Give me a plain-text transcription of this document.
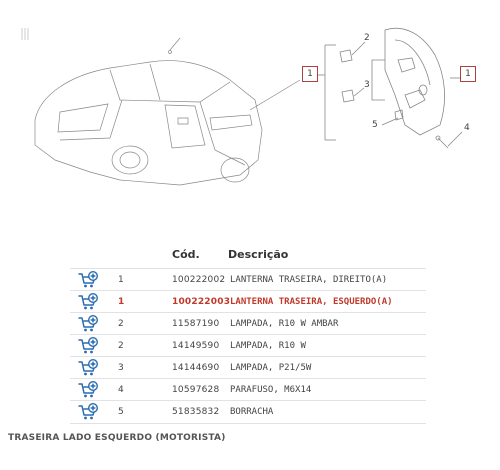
1	1
2
3
5	4
Cód.	Descrição
1	100222002 LANTERNA TRASEIRA, DIREITO(A)
1	100222003 LANTERNA TRASEIRA, ESQUERDO(A)
2	11587190	LAMPADA, R10 W AMBAR
2	14149590	LAMPADA, R10 W
3	14144690	LAMPADA, P21/5W
4	10597628	PARAFUSO, M6X14
5	51835832	BORRACHA
TRASEIRA LADO ESQUERDO (MOTORISTA)
